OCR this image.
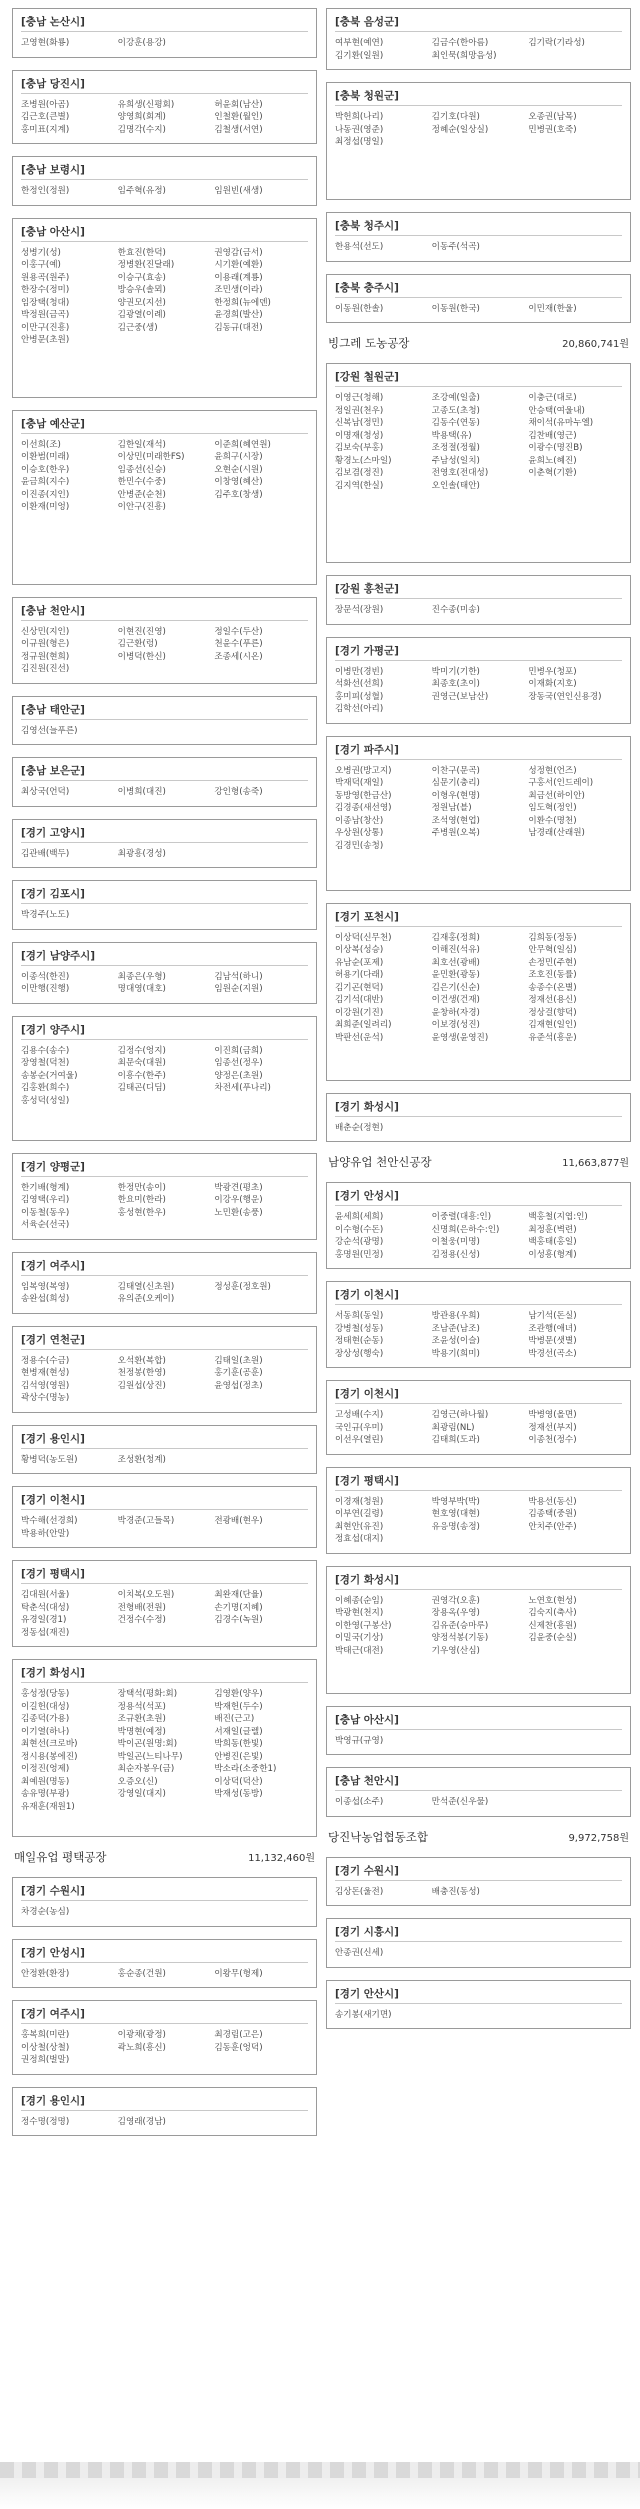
[충남 논산시]
고영현(화룡)	이강훈(용강)
[충남 당진시]
조병원(아곰)	유희생(신평회)	허윤회(남산)
김근호(큰별)	양영희(회계)	인철환(월인)
홍미표(지계)	김명각(수지)	김철생(서연)
[충남 보령시]
한정인(정원)	임주혁(유정)	임원빈(새생)
[충남 아산시]
성병기(성)	한효진(한덕)	권영감(금서)
이홍구(예)	정병환(진달래)	시기환(예환)
원용곡(원주)	이승구(효송)	이용래(계룡)
한장수(정미)	방승우(솔뫼)	조민생(이라)
임장택(청대)	양권모(지선)	한정희(뉴에덴)
박정원(금곡)	김광열(이례)	윤경희(발산)
이만구(진흥)	김근중(생)	김동규(대전)
안병문(초원)
[충남 예산군]
이선희(조)	김한일(재석)	이준희(혜연원)
이환범(미래)	이상민(미래한FS)	윤희구(시장)
이승호(한우)	임종선(신승)	오현순(시원)
윤금희(지수)	한민수(수중)	이창영(혜산)
이진종(지인)	안병준(순천)	김주호(창생)
이환재(미엉)	이안구(진흥)
[충남 천안시]
신상민(지인)	이현진(진영)	정일수(두산)
이규원(형은)	김근환(렁)	천윤수(푸른)
정규원(현희)	이병덕(한신)	조종세(시온)
김진원(진선)
[충남 태안군]
김영선(늘푸른)
[충남 보은군]
최상국(언덕)	이병희(대진)	강인형(송죽)
[경기 고양시]
김관배(백두)	최광흥(경성)
[경기 김포시]
박경주(노도)
[경기 남양주시]
이종석(한진)	최종은(우형)	김남석(하니)
이만행(진행)	명대영(대호)	임원순(지원)
[경기 양주시]
김용수(송수)	김정수(엉지)	이진희(금희)
장영철(덕천)	최문숙(대원)	임종선(정우)
송봉순(거여울)	이흥수(한주)	양정은(초원)
김홍환(희수)	김태곤(디딤)	차전세(푸나리)
홍성덕(성일)
[경기 양평군]
한기배(형계)	한정만(송이)	박광견(평초)
김영택(우리)	한요미(한라)	이강우(행운)
이동철(동우)	홍성현(한우)	노민환(송풍)
서육순(선국)
[경기 여주시]
임복영(복영)	김태열(신초원)	정성훈(정호원)
송완섭(희성)	유의준(오케이)
[경기 연천군]
정용수(수금)	오석환(복합)	김태일(초원)
현병재(현성)	천정봉(한영)	홍기훈(공훈)
김석영(영원)	김원섭(상진)	윤영섭(정초)
곽상수(명농)
[경기 용인시]
황병덕(농도원)	조성환(청계)
[경기 이천시]
박수해(선경희)	박경준(고들목)	전광배(현우)
박용하(안말)
[경기 평택시]
김대원(서울)	이치복(오도원)	최완재(단율)
탁춘석(대성)	전형배(전원)	손기명(지혜)
유경일(경1)	건정수(수정)	김경수(녹원)
정동섭(재진)
[경기 화성시]
홍성정(당동)	장택석(평화:회)	김영환(양우)
이길헌(대성)	정용석(석포)	박재헌(두수)
김종덕(가용)	조규환(초원)	배진(근고)
이기열(하나)	박명현(예정)	서재일(글렐)
최현선(크로바)	박이곤(원명:회)	박희동(한빛)
정시용(봉에진)	박일곤(느티나무)	안병진(은빛)
이정진(엉제)	최순자봉우(금)	박소라(소중한1)
최예원(명동)	오증오(신)	이상덕(덕산)
송유명(부광)	강영일(대지)	박재성(동방)
유재훈(재원1)
매일유업 평택공장	11,132,460원
[경기 수원시]
차경순(농심)
[경기 안성시]
안정환(환장)	홍순종(건원)	이왕무(형제)
[경기 여주시]
홍복희(미란)	이광채(광정)	최경림(고은)
이상철(상철)	곽노희(흥신)	김동훈(엉덕)
권정희(벌말)
[경기 용인시]
정수명(정명)	김영래(경남)
[충북 음성군]
여부현(예연)	김금수(한아름)	김기락(기라성)
김기환(일원)	최인묵(희망음성)
[충북 청원군]
박헌희(나리)	김기호(다원)	오종권(남목)
나동권(영준)	정혜순(일상실)	민병권(호죽)
최정섭(명일)
[충북 청주시]
한용석(선도)	이동주(석곡)
[충북 충주시]
이동원(한솔)	이동원(한국)	이민재(한울)
빙그레 도농공장	20,860,741원
[강원 철원군]
이영근(청해)	조강예(일출)	이충근(대로)
정일권(천우)	고종도(초청)	안승택(여울내)
신복남(정민)	김동수(연동)	채이석(유마누엘)
이명재(청성)	박용택(유)	김찬배(영근)
김보숙(부홍)	조정절(정월)	이광수(명진B)
황경노(스마일)	주남성(일치)	윤희노(혜진)
김보겸(정진)	전영호(전대성)	이춘혁(기환)
김지역(한실)	오인솔(태안)
[강원 홍천군]
장문석(장원)	진수종(미송)
[경기 가평군]
이병만(경빈)	박미기(기한)	민병우(청포)
석화선(선희)	최종호(초이)	이재화(지호)
홍미피(성혈)	권영근(보남산)	장동국(연인신용경)
김학선(아리)
[경기 파주시]
오병권(방고지)	이찬구(문곡)	성정현(언즈)
박재덕(재일)	심문기(충리)	구홍서(인드레이)
동방영(한금산)	이형우(현명)	최금선(하이안)
김경종(새선영)	정원남(블)	임도혁(정인)
이종남(창산)	조석영(현업)	이환수(명천)
우상원(상통)	주병원(오복)	남경래(산래원)
김경민(송청)
[경기 포천시]
이상덕(신무천)	김재홍(정희)	김희동(정동)
이상복(성승)	이해진(석유)	안무혁(일심)
유남순(포제)	최호선(광배)	손정민(주현)
허용기(다래)	윤민환(광동)	조호진(동률)
김기곤(현덕)	김은기(신순)	송종수(온별)
김기석(대반)	이건생(건재)	정재선(용신)
이강원(기진)	윤창하(자경)	정상걸(향덕)
최희준(일려리)	이보경(성진)	김재현(일인)
박판선(운석)	윤영생(윤영진)	유준석(흥운)
[경기 화성시]
배춘순(정현)
남양유업 천안신공장	11,663,877원
[경기 안성시]
윤세희(세희)	이중렬(대흥:인)	백홍철(지엽:인)
이수형(수돈)	신명희(은하수:인)	최정훈(벽련)
강순석(광명)	이철웅(미명)	백홍태(홍일)
홍명원(민정)	김정용(신성)	이성흥(형계)
[경기 이천시]
서동희(동일)	방관용(우희)	남기석(돈실)
강병철(성동)	조남준(남조)	조관행(애녀)
정태현(순동)	조윤성(이슬)	박병문(샛별)
장상성(행숙)	박용기(희미)	박경선(곡소)
[경기 이천시]
고성배(수지)	김영근(하나월)	박병영(올면)
국인규(우미)	최광림(NL)	정재선(부지)
이선우(열린)	김태희(도과)	이종천(정수)
[경기 평택시]
이경재(청원)	박영부박(박)	박용선(동신)
이부연(길령)	현호영(대현)	김종택(중원)
최현안(유진)	유응명(송정)	안치주(안주)
정효섭(대지)
[경기 화성시]
이혜종(순임)	권영각(오훈)	노연호(현성)
박광현(천지)	장용옥(우영)	김숙지(축사)
이한영(구봉산)	김유준(승마루)	신제찬(흥원)
이밀국(기상)	양정석봉(기동)	김윤중(순실)
박태근(대전)	기우영(산심)
[충남 아산시]
박영규(규영)
[충남 천안시]
이종섭(소주)	만석준(신우물)
당진낙농업협동조합	9,972,758원
[경기 수원시]
김상돈(울전)	배충진(동성)
[경기 시흥시]
안종권(신세)
[경기 안산시]
송기봉(새기면)
